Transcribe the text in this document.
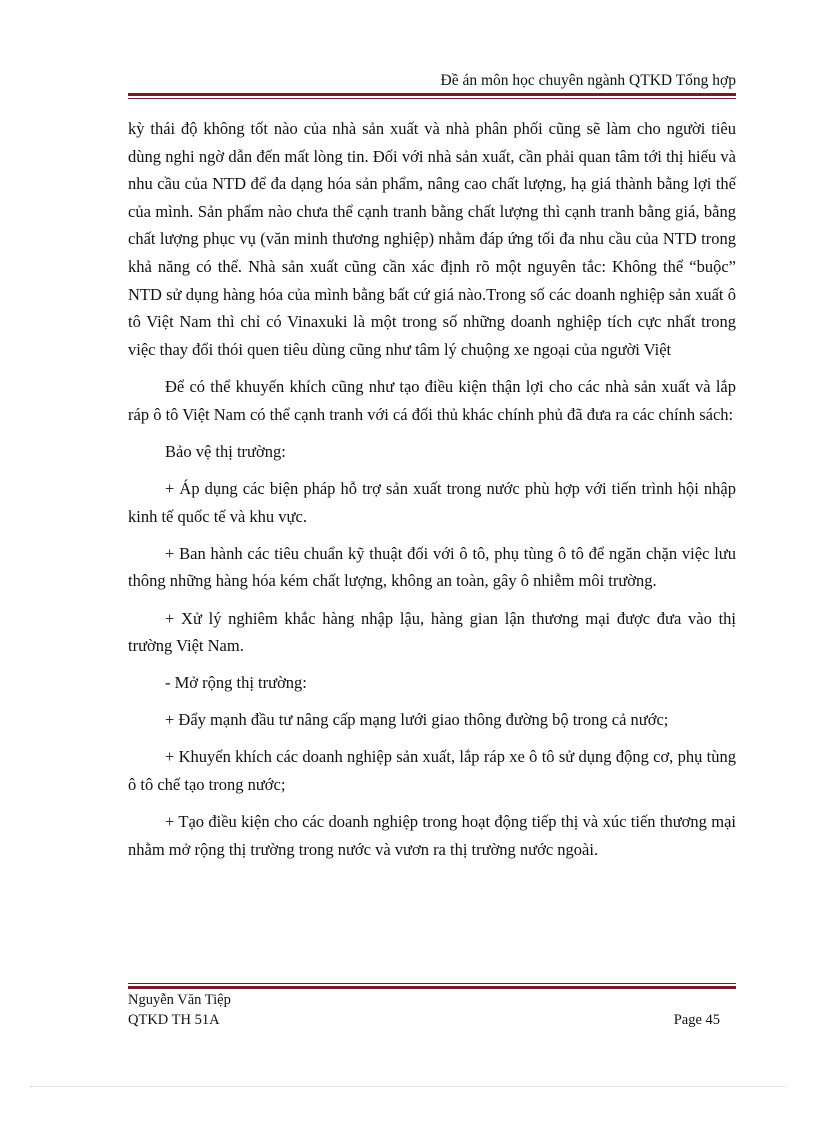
Đề án môn học chuyên ngành QTKD Tổng hợp

kỳ thái độ không tốt nào của nhà sản xuất và nhà phân phối cũng sẽ làm cho người tiêu dùng nghi ngờ dẫn đến mất lòng tin. Đối với nhà sản xuất, cần phải quan tâm tới thị hiếu và nhu cầu của NTD để đa dạng hóa sản phẩm, nâng cao chất lượng, hạ giá thành bằng lợi thế của mình. Sản phẩm nào chưa thể cạnh tranh bằng chất lượng thì cạnh tranh bằng giá, bằng chất lượng phục vụ (văn minh thương nghiệp) nhằm đáp ứng tối đa nhu cầu của NTD trong khả năng có thể. Nhà sản xuất cũng cần xác định rõ một nguyên tắc: Không thể “buộc” NTD sử dụng hàng hóa của mình bằng bất cứ giá nào.Trong số các doanh nghiệp sản xuất ô tô Việt Nam thì chỉ có Vinaxuki là một trong số những doanh nghiệp tích cực nhất trong việc thay đổi thói quen tiêu dùng cũng như tâm lý chuộng xe ngoại của người Việt

Để có thể khuyến khích cũng như tạo điều kiện thận lợi cho các nhà sản xuất và lắp ráp ô tô Việt Nam có thể cạnh tranh với cá đối thủ khác chính phủ đã đưa ra các chính sách:

Bảo vệ thị trường:

+ Áp dụng các biện pháp hỗ trợ sản xuất trong nước phù hợp với tiến trình hội nhập kinh tế quốc tế và khu vực.

+ Ban hành các tiêu chuẩn kỹ thuật đối với ô tô, phụ tùng ô tô để ngăn chặn việc lưu thông những hàng hóa kém chất lượng, không an toàn, gây ô nhiễm môi trường.

+ Xử lý nghiêm khắc hàng nhập lậu, hàng gian lận thương mại được đưa vào thị trường Việt Nam.

- Mở rộng thị trường:

+ Đẩy mạnh đầu tư nâng cấp mạng lưới giao thông đường bộ trong cả nước;

+ Khuyến khích các doanh nghiệp sản xuất, lắp ráp xe ô tô sử dụng động cơ, phụ tùng ô tô chế tạo trong nước;

+ Tạo điều kiện cho các doanh nghiệp trong hoạt động tiếp thị và xúc tiến thương mại nhằm mở rộng thị trường trong nước và vươn ra thị trường nước ngoài.

Nguyễn Văn Tiệp
QTKD TH 51A	Page 45
